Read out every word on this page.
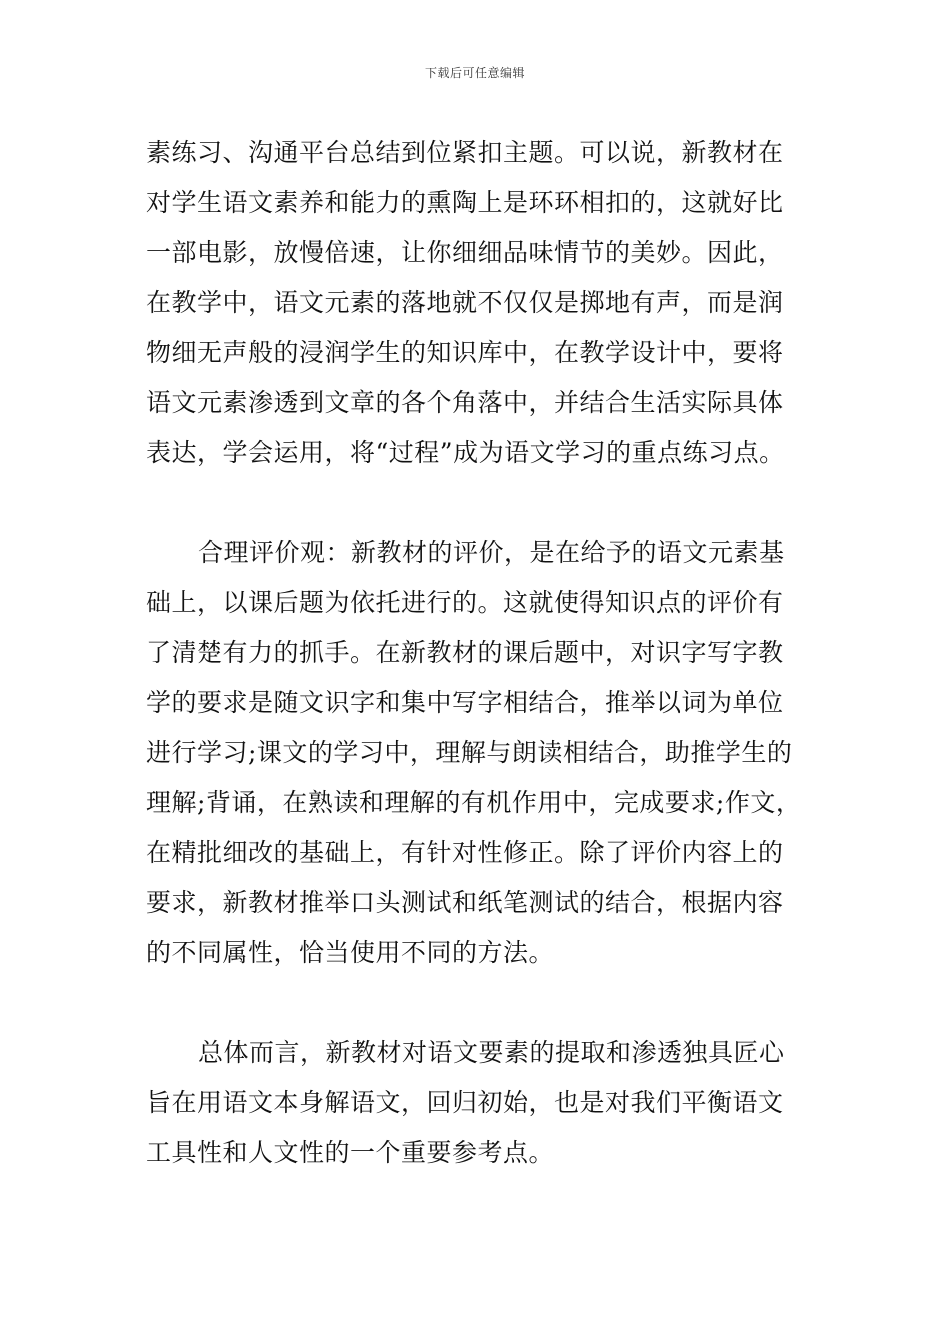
下载后可任意编辑
素练习、沟通平台总结到位紧扣主题。可以说，新教材在
对学生语文素养和能力的熏陶上是环环相扣的，这就好比
一部电影，放慢倍速，让你细细品味情节的美妙。因此，
在教学中，语文元素的落地就不仅仅是掷地有声，而是润
物细无声般的浸润学生的知识库中，在教学设计中，要将
语文元素渗透到文章的各个角落中，并结合生活实际具体
表达，学会运用，将“过程”成为语文学习的重点练习点。
合理评价观：新教材的评价，是在给予的语文元素基
础上，以课后题为依托进行的。这就使得知识点的评价有
了清楚有力的抓手。在新教材的课后题中，对识字写字教
学的要求是随文识字和集中写字相结合，推举以词为单位
进行学习;课文的学习中，理解与朗读相结合，助推学生的
理解;背诵，在熟读和理解的有机作用中，完成要求;作文，
在精批细改的基础上，有针对性修正。除了评价内容上的
要求，新教材推举口头测试和纸笔测试的结合，根据内容
的不同属性，恰当使用不同的方法。
总体而言，新教材对语文要素的提取和渗透独具匠心
旨在用语文本身解语文，回归初始，也是对我们平衡语文
工具性和人文性的一个重要参考点。
